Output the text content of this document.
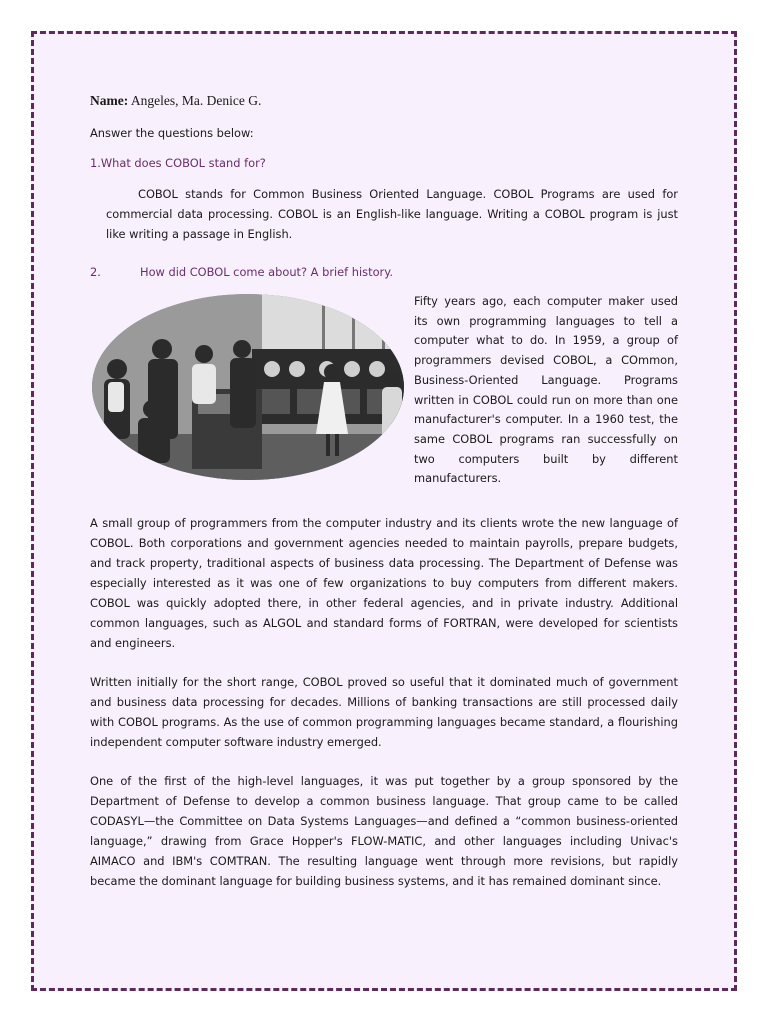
Name: Angeles, Ma. Denice G.

Answer the questions below:

1.What does COBOL stand for?

COBOL stands for Common Business Oriented Language. COBOL Programs are used for commercial data processing. COBOL is an English-like language. Writing a COBOL program is just like writing a passage in English.

2.	How did COBOL come about? A brief history.

Fifty years ago, each computer maker used its own programming languages to tell a computer what to do. In 1959, a group of programmers devised COBOL, a COmmon, Business-Oriented Language. Programs written in COBOL could run on more than one manufacturer's computer. In a 1960 test, the same COBOL programs ran successfully on two computers built by different manufacturers.

A small group of programmers from the computer industry and its clients wrote the new language of COBOL. Both corporations and government agencies needed to maintain payrolls, prepare budgets, and track property, traditional aspects of business data processing. The Department of Defense was especially interested as it was one of few organizations to buy computers from different makers. COBOL was quickly adopted there, in other federal agencies, and in private industry. Additional common languages, such as ALGOL and standard forms of FORTRAN, were developed for scientists and engineers.

Written initially for the short range, COBOL proved so useful that it dominated much of government and business data processing for decades. Millions of banking transactions are still processed daily with COBOL programs. As the use of common programming languages became standard, a flourishing independent computer software industry emerged.

One of the first of the high-level languages, it was put together by a group sponsored by the Department of Defense to develop a common business language. That group came to be called CODASYL—the Committee on Data Systems Languages—and defined a “common business-oriented language,” drawing from Grace Hopper's FLOW-MATIC, and other languages including Univac's AIMACO and IBM's COMTRAN. The resulting language went through more revisions, but rapidly became the dominant language for building business systems, and it has remained dominant since.
